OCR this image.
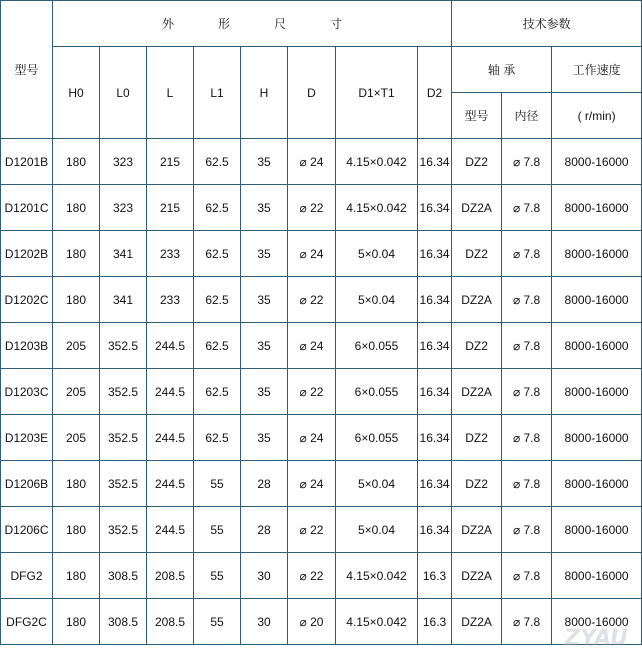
型号	外 形 尺 寸								技术参数		
	H0	L0	L	L1	H	D	D1×T1	D2	轴 承		工作速度
									型号	内径	( r/min)
D1201B	180	323	215	62.5	35	⌀ 24	4.15×0.042	16.34	DZ2	⌀ 7.8	8000-16000
D1201C	180	323	215	62.5	35	⌀ 22	4.15×0.042	16.34	DZ2A	⌀ 7.8	8000-16000
D1202B	180	341	233	62.5	35	⌀ 24	5×0.04	16.34	DZ2	⌀ 7.8	8000-16000
D1202C	180	341	233	62.5	35	⌀ 22	5×0.04	16.34	DZ2A	⌀ 7.8	8000-16000
D1203B	205	352.5	244.5	62.5	35	⌀ 24	6×0.055	16.34	DZ2	⌀ 7.8	8000-16000
D1203C	205	352.5	244.5	62.5	35	⌀ 22	6×0.055	16.34	DZ2A	⌀ 7.8	8000-16000
D1203E	205	352.5	244.5	62.5	35	⌀ 24	6×0.055	16.34	DZ2	⌀ 7.8	8000-16000
D1206B	180	352.5	244.5	55	28	⌀ 24	5×0.04	16.34	DZ2	⌀ 7.8	8000-16000
D1206C	180	352.5	244.5	55	28	⌀ 22	5×0.04	16.34	DZ2A	⌀ 7.8	8000-16000
DFG2	180	308.5	208.5	55	30	⌀ 22	4.15×0.042	16.3	DZ2A	⌀ 7.8	8000-16000
DFG2C	180	308.5	208.5	55	30	⌀ 20	4.15×0.042	16.3	DZ2A	⌀ 7.8	8000-16000
ZYAU
